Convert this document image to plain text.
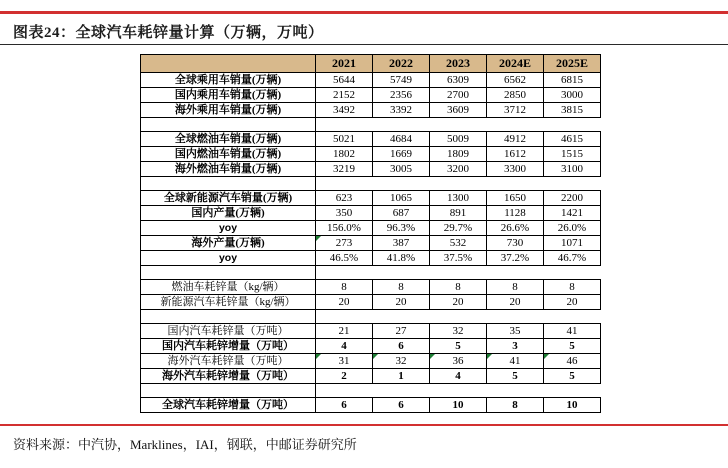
图表24：全球汽车耗锌量计算（万辆，万吨）
	2021	2022	2023	2024E	2025E
全球乘用车销量(万辆)	5644	5749	6309	6562	6815
国内乘用车销量(万辆)	2152	2356	2700	2850	3000
海外乘用车销量(万辆)	3492	3392	3609	3712	3815

全球燃油车销量(万辆)	5021	4684	5009	4912	4615
国内燃油车销量(万辆)	1802	1669	1809	1612	1515
海外燃油车销量(万辆)	3219	3005	3200	3300	3100

全球新能源汽车销量(万辆)	623	1065	1300	1650	2200
国内产量(万辆)	350	687	891	1128	1421
yoy	156.0%	96.3%	29.7%	26.6%	26.0%
海外产量(万辆)	273	387	532	730	1071
yoy	46.5%	41.8%	37.5%	37.2%	46.7%

燃油车耗锌量（kg/辆）	8	8	8	8	8
新能源汽车耗锌量（kg/辆）	20	20	20	20	20

国内汽车耗锌量（万吨）	21	27	32	35	41
国内汽车耗锌增量（万吨）	4	6	5	3	5
海外汽车耗锌量（万吨）	31	32	36	41	46

海外汽车耗锌增量（万吨）	2	1	4	5	5

全球汽车耗锌增量（万吨）	6	6	10	8	10
资料来源：中汽协，Marklines，IAI，钢联，中邮证券研究所
